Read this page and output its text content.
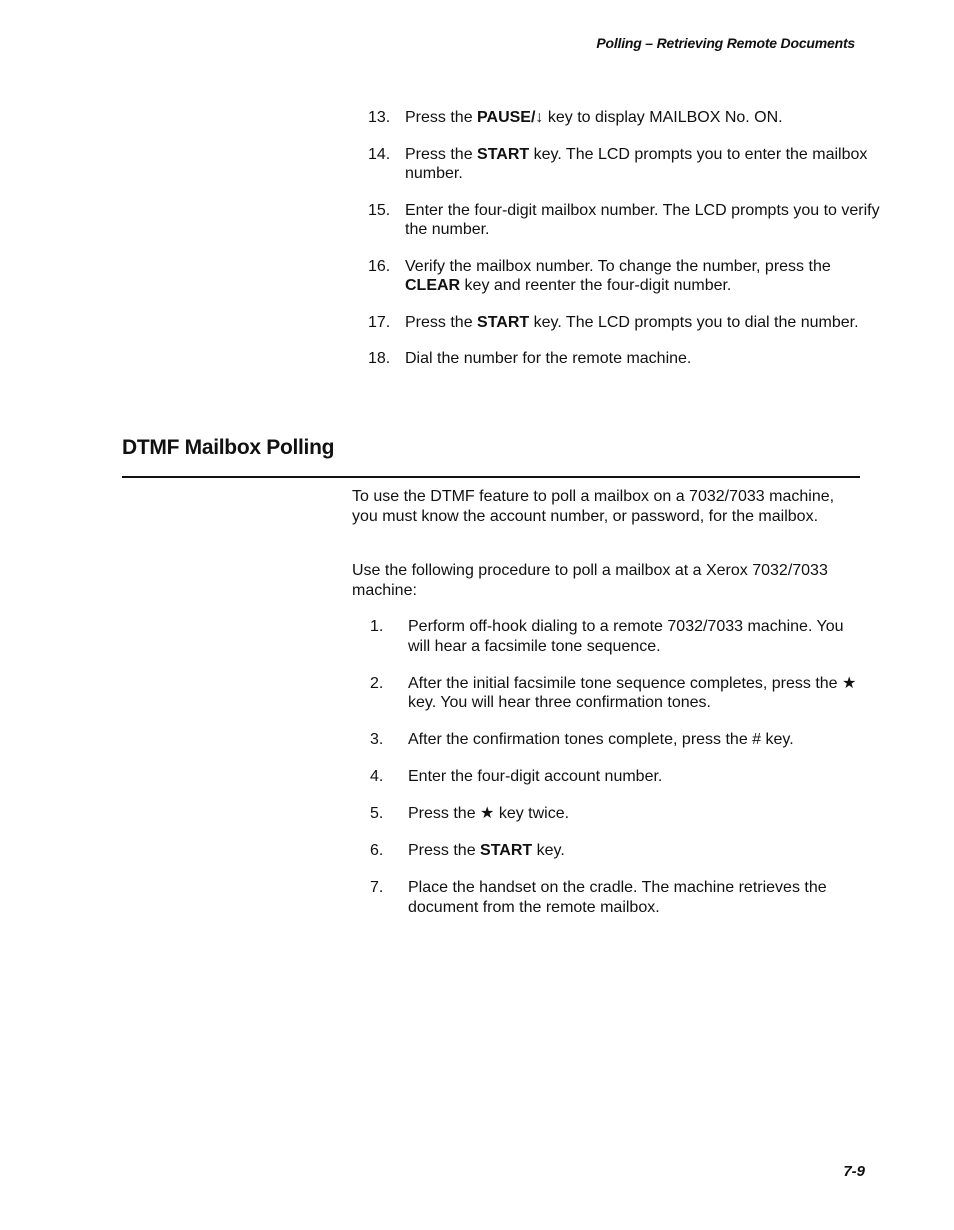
Polling – Retrieving Remote Documents
13. Press the PAUSE/↓ key to display MAILBOX No. ON.
14. Press the START key. The LCD prompts you to enter the mailbox number.
15. Enter the four-digit mailbox number. The LCD prompts you to verify the number.
16. Verify the mailbox number. To change the number, press the CLEAR key and reenter the four-digit number.
17. Press the START key. The LCD prompts you to dial the number.
18. Dial the number for the remote machine.
DTMF Mailbox Polling

To use the DTMF feature to poll a mailbox on a 7032/7033 machine, you must know the account number, or password, for the mailbox.

Use the following procedure to poll a mailbox at a Xerox 7032/7033 machine:

1.	Perform off-hook dialing to a remote 7032/7033 machine. You will hear a facsimile tone sequence.
2.	After the initial facsimile tone sequence completes, press the ★ key. You will hear three confirmation tones.
3.	After the confirmation tones complete, press the # key.
4.	Enter the four-digit account number.
5.	Press the ★ key twice.
6.	Press the START key.
7.	Place the handset on the cradle. The machine retrieves the document from the remote mailbox.
7-9
